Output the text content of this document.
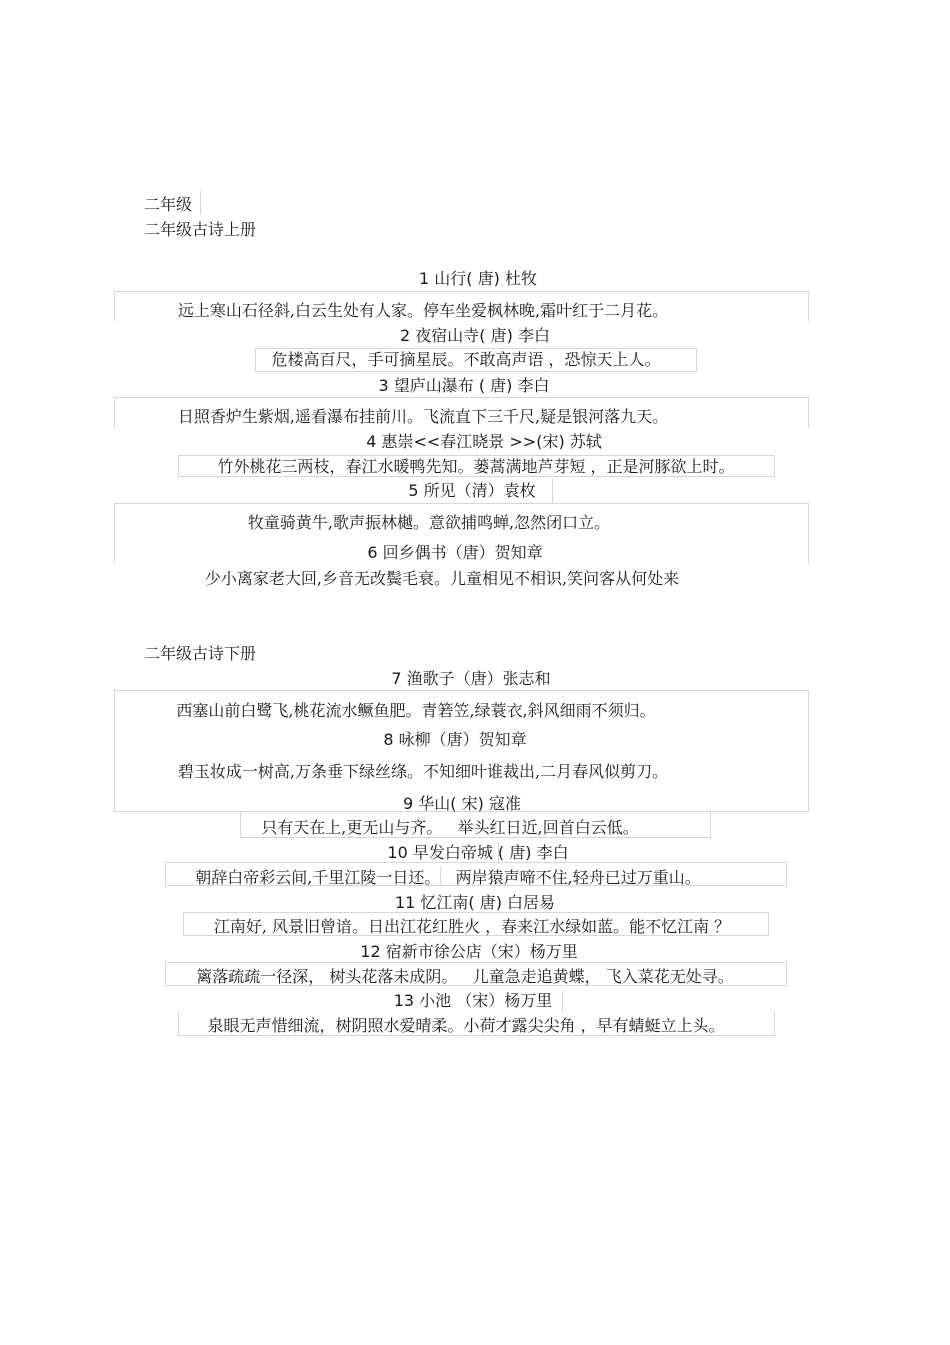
二年级
二年级古诗上册
1 山行( 唐) 杜牧
远上寒山石径斜,白云生处有人家。停车坐爱枫林晚,霜叶红于二月花。
2 夜宿山寺( 唐) 李白
危楼高百尺，手可摘星辰。不敢高声语 ，恐惊天上人。
3 望庐山瀑布 ( 唐) 李白
日照香炉生紫烟,遥看瀑布挂前川。飞流直下三千尺,疑是银河落九天。
4 惠崇<<春江晓景 >>(宋) 苏轼
竹外桃花三两枝，春江水暖鸭先知。蒌蒿满地芦芽短 ，正是河豚欲上时。
5 所见（清）袁枚
牧童骑黄牛,歌声振林樾。意欲捕鸣蝉,忽然闭口立。
6 回乡偶书（唐）贺知章
少小离家老大回,乡音无改鬓毛衰。儿童相见不相识,笑问客从何处来
二年级古诗下册
7 渔歌子（唐）张志和
西塞山前白鹭飞,桃花流水鳜鱼肥。青箬笠,绿蓑衣,斜风细雨不须归。
8 咏柳（唐）贺知章
碧玉妆成一树高,万条垂下绿丝绦。不知细叶谁裁出,二月春风似剪刀。
9 华山( 宋) 寇准
只有天在上,更无山与齐。   举头红日近,回首白云低。
10 早发白帝城 ( 唐) 李白
朝辞白帝彩云间,千里江陵一日还。   两岸猿声啼不住,轻舟已过万重山。
11 忆江南( 唐) 白居易
江南好, 风景旧曾谙。日出江花红胜火 ，春来江水绿如蓝。能不忆江南 ？
12 宿新市徐公店（宋）杨万里
篱落疏疏一径深， 树头花落未成阴。   儿童急走追黄蝶， 飞入菜花无处寻。
13 小池 （宋）杨万里
泉眼无声惜细流，树阴照水爱晴柔。小荷才露尖尖角 ，早有蜻蜓立上头。
